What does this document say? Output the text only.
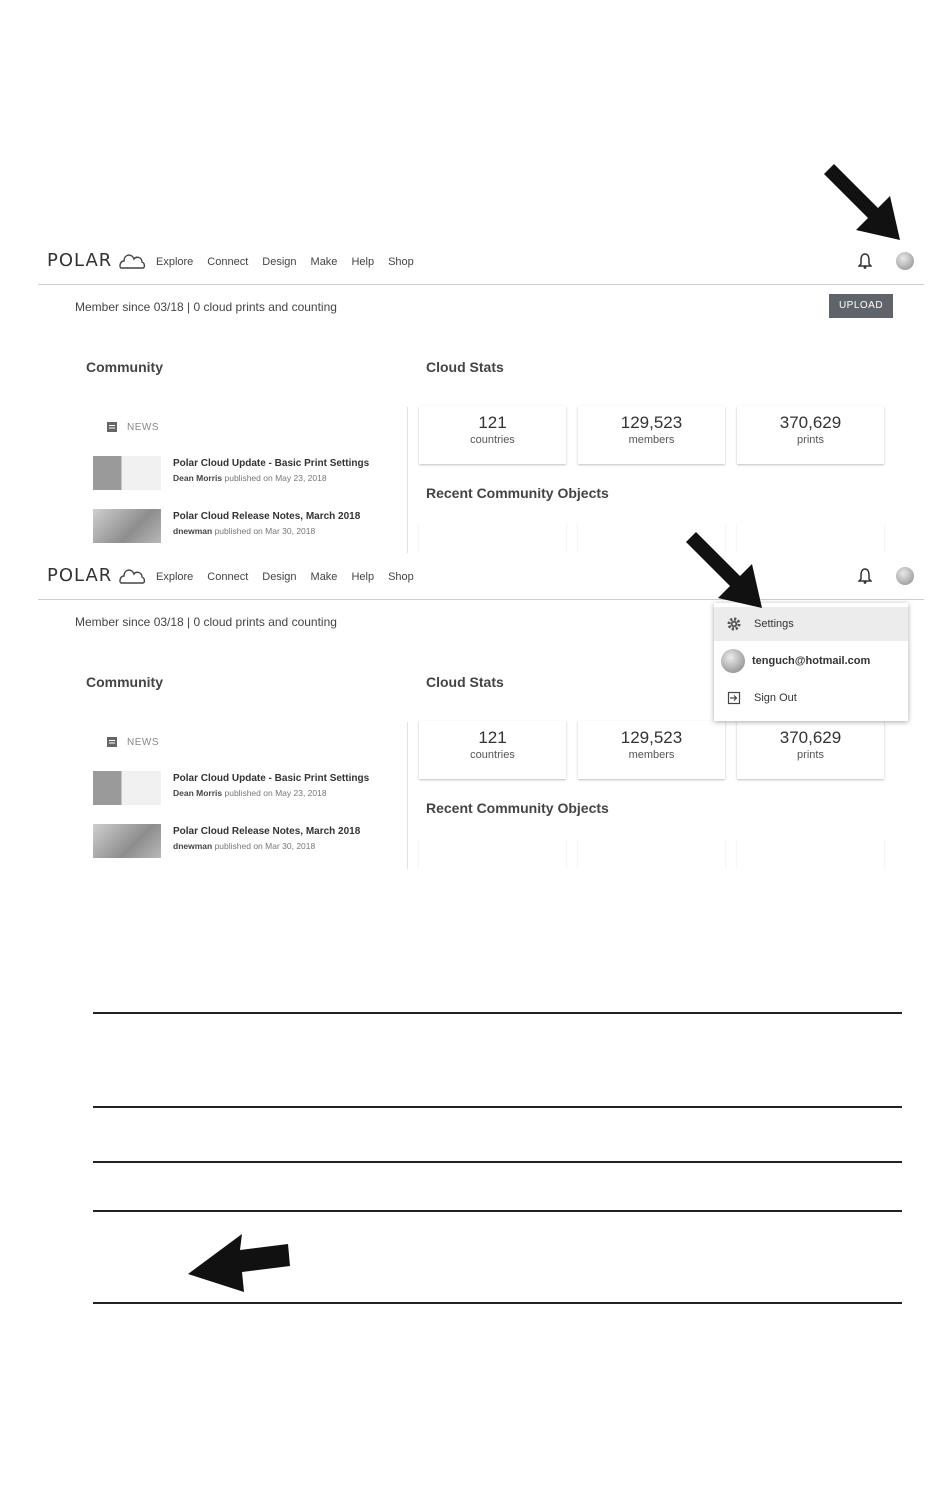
POLAR	Explore Connect Design Make Help Shop
Member since 03/18 | 0 cloud prints and counting	UPLOAD
Community	Cloud Stats
NEWS
Polar Cloud Update - Basic Print Settings
Dean Morris published on May 23, 2018
Polar Cloud Release Notes, March 2018
dnewman published on Mar 30, 2018
121
countries
129,523
members
370,629
prints
Recent Community Objects
POLAR	Explore Connect Design Make Help Shop
Member since 03/18 | 0 cloud prints and counting
Community	Cloud Stats
NEWS
Polar Cloud Update - Basic Print Settings
Dean Morris published on May 23, 2018
Polar Cloud Release Notes, March 2018
dnewman published on Mar 30, 2018
121
countries
129,523
members
370,629
prints
Recent Community Objects
Settings
tenguch@hotmail.com
Sign Out
